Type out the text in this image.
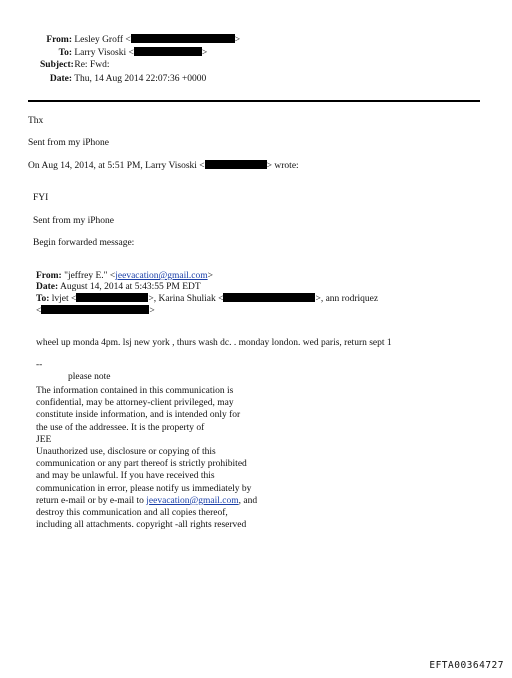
From: Lesley Groff <	>
To: Larry Visoski <	>
Subject: Re: Fwd:
Date: Thu, 14 Aug 2014 22:07:36 +0000
Thx
Sent from my iPhone
On Aug 14, 2014, at 5:51 PM, Larry Visoski <	> wrote:
FYI
Sent from my iPhone
Begin forwarded message:
From: "jeffrey E." <jeevacation@gmail.com>
Date: August 14, 2014 at 5:43:55 PM EDT
To: lvjet <	>, Karina Shuliak <	>, ann rodriquez
<	>
wheel up monda 4pm. lsj new york , thurs wash dc. . monday london. wed paris, return sept 1
--
please note
The information contained in this communication is
confidential, may be attorney-client privileged, may
constitute inside information, and is intended only for
the use of the addressee. It is the property of
JEE
Unauthorized use, disclosure or copying of this
communication or any part thereof is strictly prohibited
and may be unlawful. If you have received this
communication in error, please notify us immediately by
return e-mail or by e-mail to jeevacation@gmail.com, and
destroy this communication and all copies thereof,
including all attachments. copyright -all rights reserved
EFTA00364727
